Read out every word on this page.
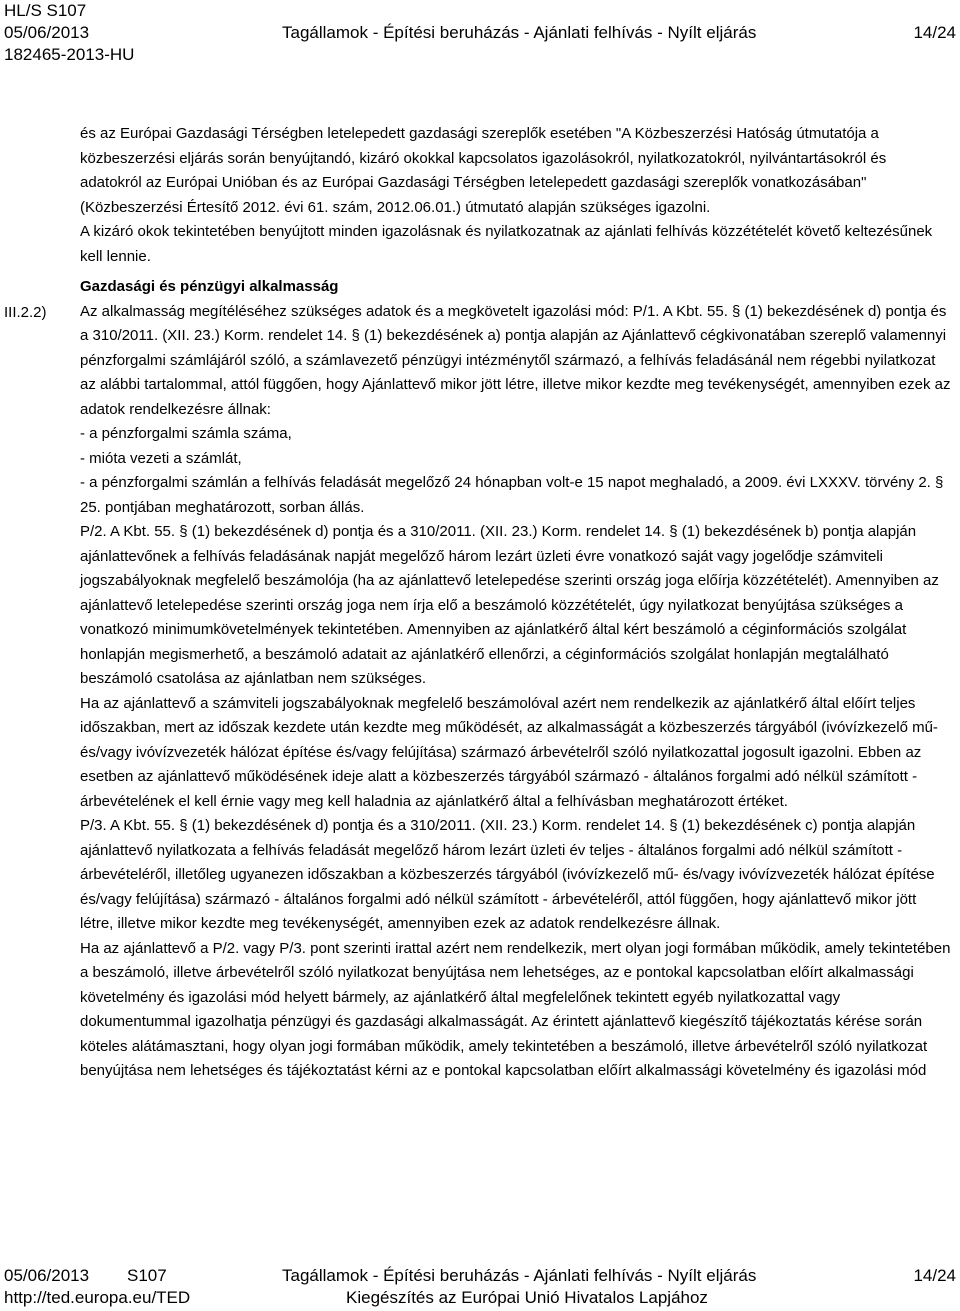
HL/S S107
05/06/2013	Tagállamok - Építési beruházás - Ajánlati felhívás - Nyílt eljárás	14/24
182465-2013-HU
III.2.2)

és az Európai Gazdasági Térségben letelepedett gazdasági szereplők esetében "A Közbeszerzési Hatóság útmutatója a közbeszerzési eljárás során benyújtandó, kizáró okokkal kapcsolatos igazolásokról, nyilatkozatokról, nyilvántartásokról és adatokról az Európai Unióban és az Európai Gazdasági Térségben letelepedett gazdasági szereplők vonatkozásában" (Közbeszerzési Értesítő 2012. évi 61. szám, 2012.06.01.) útmutató alapján szükséges igazolni.

A kizáró okok tekintetében benyújtott minden igazolásnak és nyilatkozatnak az ajánlati felhívás közzétételét követő keltezésűnek kell lennie.

Gazdasági és pénzügyi alkalmasság

Az alkalmasság megítéléséhez szükséges adatok és a megkövetelt igazolási mód: P/1. A Kbt. 55. § (1) bekezdésének d) pontja és a 310/2011. (XII. 23.) Korm. rendelet 14. § (1) bekezdésének a) pontja alapján az Ajánlattevő cégkivonatában szereplő valamennyi pénzforgalmi számlájáról szóló, a számlavezető pénzügyi intézménytől származó, a felhívás feladásánál nem régebbi nyilatkozat az alábbi tartalommal, attól függően, hogy Ajánlattevő mikor jött létre, illetve mikor kezdte meg tevékenységét, amennyiben ezek az adatok rendelkezésre állnak:

- a pénzforgalmi számla száma,

- mióta vezeti a számlát,

- a pénzforgalmi számlán a felhívás feladását megelőző 24 hónapban volt-e 15 napot meghaladó, a 2009. évi LXXXV. törvény 2. § 25. pontjában meghatározott, sorban állás.

P/2. A Kbt. 55. § (1) bekezdésének d) pontja és a 310/2011. (XII. 23.) Korm. rendelet 14. § (1) bekezdésének b) pontja alapján ajánlattevőnek a felhívás feladásának napját megelőző három lezárt üzleti évre vonatkozó saját vagy jogelődje számviteli jogszabályoknak megfelelő beszámolója (ha az ajánlattevő letelepedése szerinti ország joga előírja közzétételét). Amennyiben az ajánlattevő letelepedése szerinti ország joga nem írja elő a beszámoló közzétételét, úgy nyilatkozat benyújtása szükséges a vonatkozó minimumkövetelmények tekintetében. Amennyiben az ajánlatkérő által kért beszámoló a céginformációs szolgálat honlapján megismerhető, a beszámoló adatait az ajánlatkérő ellenőrzi, a céginformációs szolgálat honlapján megtalálható beszámoló csatolása az ajánlatban nem szükséges.

Ha az ajánlattevő a számviteli jogszabályoknak megfelelő beszámolóval azért nem rendelkezik az ajánlatkérő által előírt teljes időszakban, mert az időszak kezdete után kezdte meg működését, az alkalmasságát a közbeszerzés tárgyából (ivóvízkezelő mű- és/vagy ivóvízvezeték hálózat építése és/vagy felújítása) származó árbevételről szóló nyilatkozattal jogosult igazolni. Ebben az esetben az ajánlattevő működésének ideje alatt a közbeszerzés tárgyából származó - általános forgalmi adó nélkül számított - árbevételének el kell érnie vagy meg kell haladnia az ajánlatkérő által a felhívásban meghatározott értéket.

P/3. A Kbt. 55. § (1) bekezdésének d) pontja és a 310/2011. (XII. 23.) Korm. rendelet 14. § (1) bekezdésének c) pontja alapján ajánlattevő nyilatkozata a felhívás feladását megelőző három lezárt üzleti év teljes - általános forgalmi adó nélkül számított - árbevételéről, illetőleg ugyanezen időszakban a közbeszerzés tárgyából (ivóvízkezelő mű- és/vagy ivóvízvezeték hálózat építése és/vagy felújítása) származó - általános forgalmi adó nélkül számított - árbevételéről, attól függően, hogy ajánlattevő mikor jött létre, illetve mikor kezdte meg tevékenységét, amennyiben ezek az adatok rendelkezésre állnak.

Ha az ajánlattevő a P/2. vagy P/3. pont szerinti irattal azért nem rendelkezik, mert olyan jogi formában működik, amely tekintetében a beszámoló, illetve árbevételről szóló nyilatkozat benyújtása nem lehetséges, az e pontokal kapcsolatban előírt alkalmassági követelmény és igazolási mód helyett bármely, az ajánlatkérő által megfelelőnek tekintett egyéb nyilatkozattal vagy dokumentummal igazolhatja pénzügyi és gazdasági alkalmasságát. Az érintett ajánlattevő kiegészítő tájékoztatás kérése során köteles alátámasztani, hogy olyan jogi formában működik, amely tekintetében a beszámoló, illetve árbevételről szóló nyilatkozat benyújtása nem lehetséges és tájékoztatást kérni az e pontokal kapcsolatban előírt alkalmassági követelmény és igazolási mód

05/06/2013 S107	Tagállamok - Építési beruházás - Ajánlati felhívás - Nyílt eljárás	14/24
http://ted.europa.eu/TED	Kiegészítés az Európai Unió Hivatalos Lapjához
